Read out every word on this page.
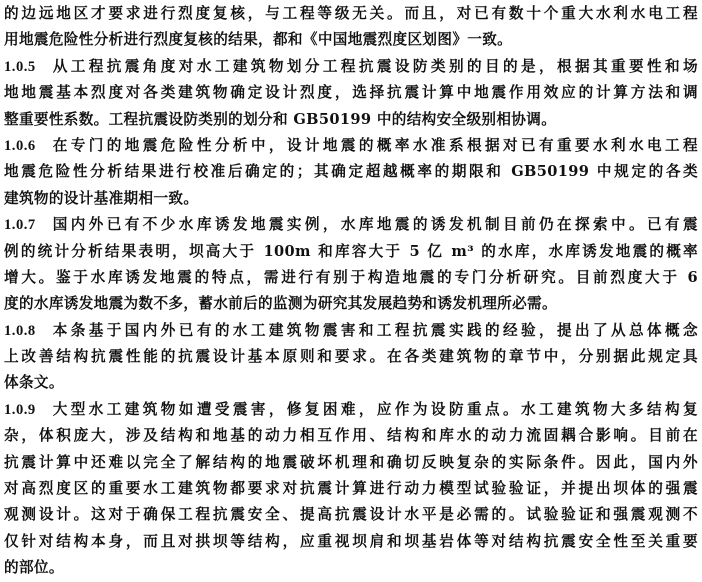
的边远地区才要求进行烈度复核，与工程等级无关。而且，对已有数十个重大水利水电工程
用地震危险性分析进行烈度复核的结果，都和《中国地震烈度区划图》一致。
1.0.5 从工程抗震角度对水工建筑物划分工程抗震设防类别的目的是，根据其重要性和场
地地震基本烈度对各类建筑物确定设计烈度，选择抗震计算中地震作用效应的计算方法和调
整重要性系数。工程抗震设防类别的划分和 GB50199 中的结构安全级别相协调。
1.0.6 在专门的地震危险性分析中，设计地震的概率水准系根据对已有重要水利水电工程
地震危险性分析结果进行校准后确定的；其确定超越概率的期限和 GB50199 中规定的各类
建筑物的设计基准期相一致。
1.0.7 国内外已有不少水库诱发地震实例，水库地震的诱发机制目前仍在探索中。已有震
例的统计分析结果表明，坝高大于 100m 和库容大于 5 亿 m³ 的水库，水库诱发地震的概率
增大。鉴于水库诱发地震的特点，需进行有别于构造地震的专门分析研究。目前烈度大于 6
度的水库诱发地震为数不多，蓄水前后的监测为研究其发展趋势和诱发机理所必需。
1.0.8 本条基于国内外已有的水工建筑物震害和工程抗震实践的经验，提出了从总体概念
上改善结构抗震性能的抗震设计基本原则和要求。在各类建筑物的章节中，分别据此规定具
体条文。
1.0.9 大型水工建筑物如遭受震害，修复困难，应作为设防重点。水工建筑物大多结构复
杂，体积庞大，涉及结构和地基的动力相互作用、结构和库水的动力流固耦合影响。目前在
抗震计算中还难以完全了解结构的地震破坏机理和确切反映复杂的实际条件。因此，国内外
对高烈度区的重要水工建筑物都要求对抗震计算进行动力模型试验验证，并提出坝体的强震
观测设计。这对于确保工程抗震安全、提高抗震设计水平是必需的。试验验证和强震观测不
仅针对结构本身，而且对拱坝等结构，应重视坝肩和坝基岩体等对结构抗震安全性至关重要
的部位。
